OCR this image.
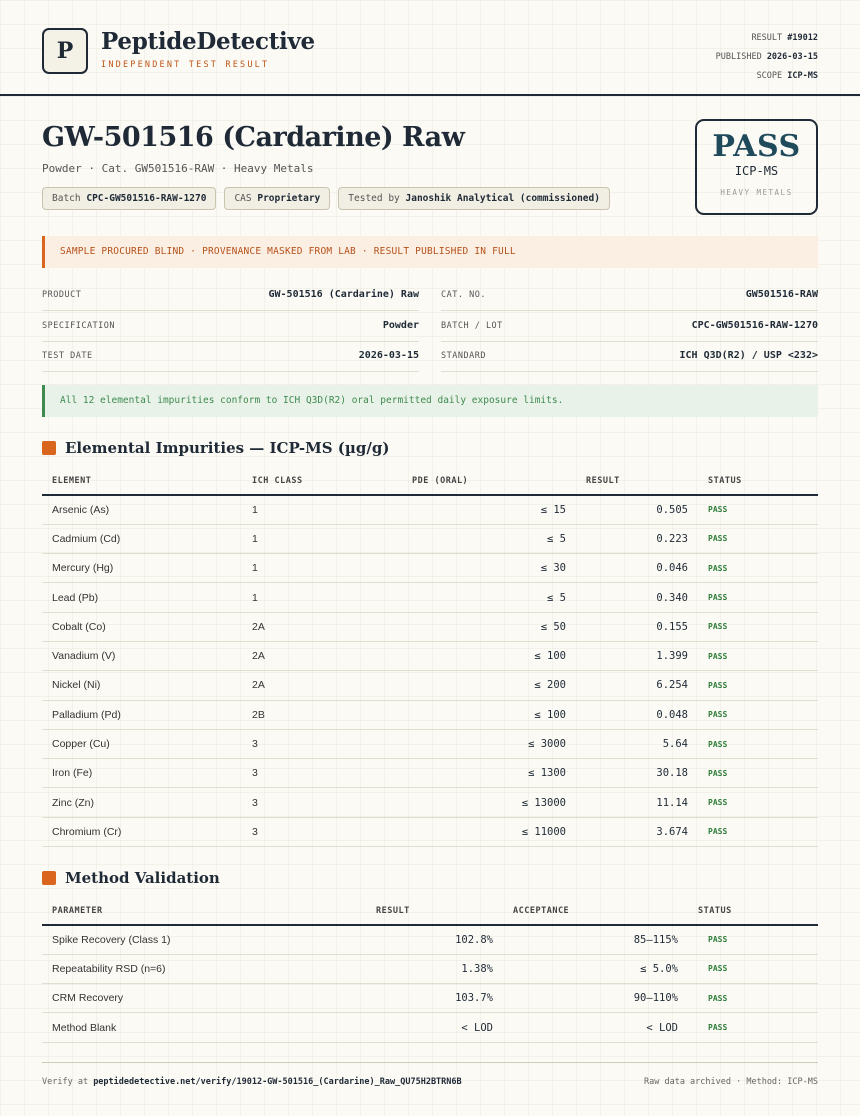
P	PeptideDetective
INDEPENDENT TEST RESULT
RESULT #19012
PUBLISHED 2026-03-15
SCOPE ICP-MS
GW-501516 (Cardarine) Raw
Powder · Cat. GW501516-RAW · Heavy Metals
Batch CPC-GW501516-RAW-1270	CAS Proprietary	Tested by Janoshik Analytical (commissioned)
PASS
ICP-MS
HEAVY METALS
SAMPLE PROCURED BLIND · PROVENANCE MASKED FROM LAB · RESULT PUBLISHED IN FULL
PRODUCT	GW-501516 (Cardarine) Raw	CAT. NO.	GW501516-RAW
SPECIFICATION	Powder	BATCH / LOT	CPC-GW501516-RAW-1270
TEST DATE	2026-03-15	STANDARD	ICH Q3D(R2) / USP <232>
All 12 elemental impurities conform to ICH Q3D(R2) oral permitted daily exposure limits.
Elemental Impurities — ICP-MS (µg/g)
ELEMENT	ICH CLASS	PDE (ORAL)	RESULT	STATUS
Arsenic (As)	1	≤ 15	0.505	PASS
Cadmium (Cd)	1	≤ 5	0.223	PASS
Mercury (Hg)	1	≤ 30	0.046	PASS
Lead (Pb)	1	≤ 5	0.340	PASS
Cobalt (Co)	2A	≤ 50	0.155	PASS
Vanadium (V)	2A	≤ 100	1.399	PASS
Nickel (Ni)	2A	≤ 200	6.254	PASS
Palladium (Pd)	2B	≤ 100	0.048	PASS
Copper (Cu)	3	≤ 3000	5.64	PASS
Iron (Fe)	3	≤ 1300	30.18	PASS
Zinc (Zn)	3	≤ 13000	11.14	PASS
Chromium (Cr)	3	≤ 11000	3.674	PASS
Method Validation
PARAMETER	RESULT	ACCEPTANCE	STATUS
Spike Recovery (Class 1)	102.8%	85–115%	PASS
Repeatability RSD (n=6)	1.38%	≤ 5.0%	PASS
CRM Recovery	103.7%	90–110%	PASS
Method Blank	< LOD	< LOD	PASS
Verify at peptidedetective.net/verify/19012-GW-501516_(Cardarine)_Raw_QU75H2BTRN6B	Raw data archived · Method: ICP-MS
